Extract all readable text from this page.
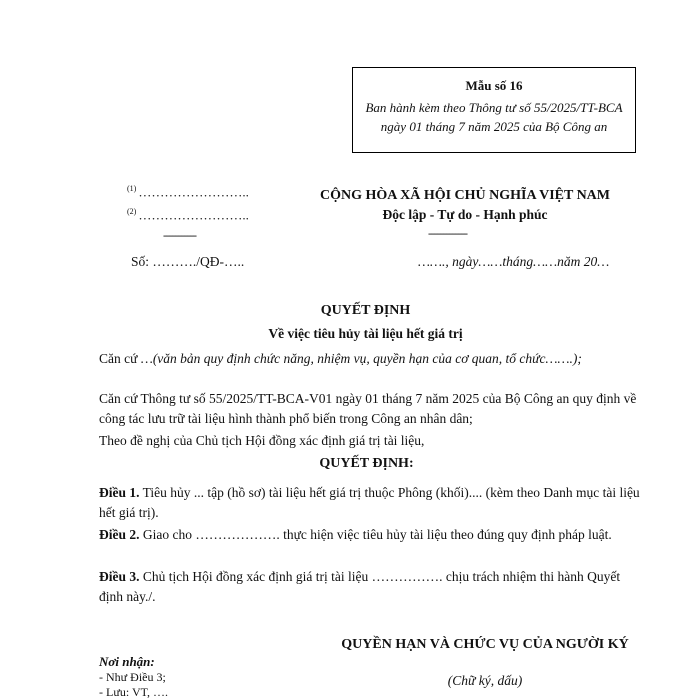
Mẫu số 16
Ban hành kèm theo Thông tư số 55/2025/TT-BCA ngày 01 tháng 7 năm 2025 của Bộ Công an
$^{(1)}$ ……………………..
$^{(2)}$ ……………………..
-----------
CỘNG HÒA XÃ HỘI CHỦ NGHĨA VIỆT NAM
Độc lập - Tự do - Hạnh phúc
-------------
Số: ………./QĐ-…..	……., ngày……tháng……năm 20…
QUYẾT ĐỊNH
Về việc tiêu hủy tài liệu hết giá trị
Căn cứ …(văn bản quy định chức năng, nhiệm vụ, quyền hạn của cơ quan, tổ chức…….);
Căn cứ Thông tư số 55/2025/TT-BCA-V01 ngày 01 tháng 7 năm 2025 của Bộ Công an quy định về công tác lưu trữ tài liệu hình thành phổ biến trong Công an nhân dân;
Theo đề nghị của Chủ tịch Hội đồng xác định giá trị tài liệu,
QUYẾT ĐỊNH:
Điều 1. Tiêu hủy ... tập (hồ sơ) tài liệu hết giá trị thuộc Phông (khối).... (kèm theo Danh mục tài liệu hết giá trị).
Điều 2. Giao cho ………………. thực hiện việc tiêu hủy tài liệu theo đúng quy định pháp luật.
Điều 3. Chủ tịch Hội đồng xác định giá trị tài liệu ……………. chịu trách nhiệm thi hành Quyết định này./.
QUYỀN HẠN VÀ CHỨC VỤ CỦA NGƯỜI KÝ
(Chữ ký, dấu)
Nơi nhận:
- Như Điều 3;
- Lưu: VT, ….
